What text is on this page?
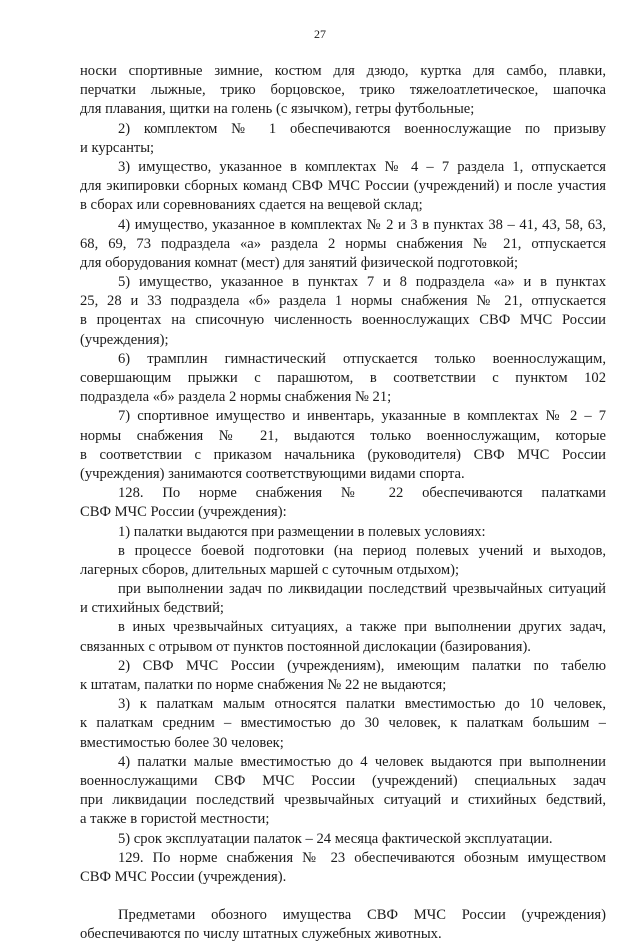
27
носки спортивные зимние, костюм для дзюдо, куртка для самбо, плавки,
перчатки лыжные, трико борцовское, трико тяжелоатлетическое, шапочка
для плавания, щитки на голень (с язычком), гетры футбольные;
2) комплектом № 1 обеспечиваются военнослужащие по призыву
и курсанты;
3) имущество, указанное в комплектах № 4 – 7 раздела 1, отпускается
для экипировки сборных команд СВФ МЧС России (учреждений) и после участия
в сборах или соревнованиях сдается на вещевой склад;
4) имущество, указанное в комплектах № 2 и 3 в пунктах 38 – 41, 43, 58, 63,
68, 69, 73 подраздела «а» раздела 2 нормы снабжения № 21, отпускается
для оборудования комнат (мест) для занятий физической подготовкой;
5) имущество, указанное в пунктах 7 и 8 подраздела «а» и в пунктах
25, 28 и 33 подраздела «б» раздела 1 нормы снабжения № 21, отпускается
в процентах на списочную численность военнослужащих СВФ МЧС России
(учреждения);
6) трамплин гимнастический отпускается только военнослужащим,
совершающим прыжки с парашютом, в соответствии с пунктом 102
подраздела «б» раздела 2 нормы снабжения № 21;
7) спортивное имущество и инвентарь, указанные в комплектах № 2 – 7
нормы снабжения № 21, выдаются только военнослужащим, которые
в соответствии с приказом начальника (руководителя) СВФ МЧС России
(учреждения) занимаются соответствующими видами спорта.
128. По норме снабжения № 22 обеспечиваются палатками
СВФ МЧС России (учреждения):
1) палатки выдаются при размещении в полевых условиях:
в процессе боевой подготовки (на период полевых учений и выходов,
лагерных сборов, длительных маршей с суточным отдыхом);
при выполнении задач по ликвидации последствий чрезвычайных ситуаций
и стихийных бедствий;
в иных чрезвычайных ситуациях, а также при выполнении других задач,
связанных с отрывом от пунктов постоянной дислокации (базирования).
2) СВФ МЧС России (учреждениям), имеющим палатки по табелю
к штатам, палатки по норме снабжения № 22 не выдаются;
3) к палаткам малым относятся палатки вместимостью до 10 человек,
к палаткам средним – вместимостью до 30 человек, к палаткам большим –
вместимостью более 30 человек;
4) палатки малые вместимостью до 4 человек выдаются при выполнении
военнослужащими СВФ МЧС России (учреждений) специальных задач
при ликвидации последствий чрезвычайных ситуаций и стихийных бедствий,
а также в гористой местности;
5) срок эксплуатации палаток – 24 месяца фактической эксплуатации.
129. По норме снабжения № 23 обеспечиваются обозным имуществом
СВФ МЧС России (учреждения).
Предметами обозного имущества СВФ МЧС России (учреждения)
обеспечиваются по числу штатных служебных животных.
